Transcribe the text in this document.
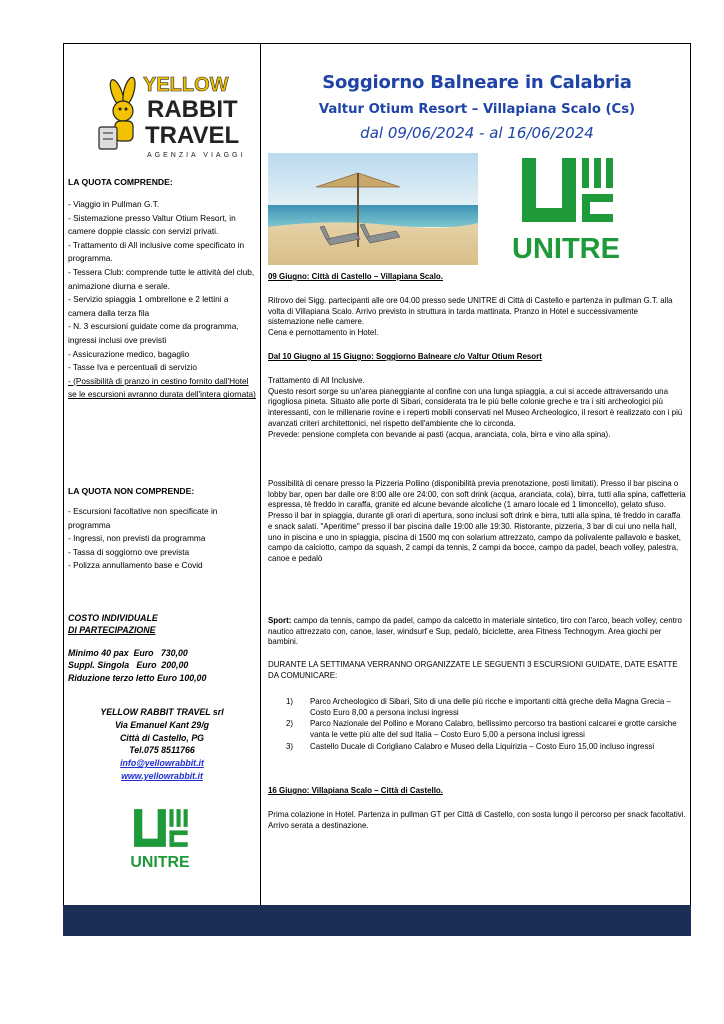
YELLOW
RABBIT
TRAVEL
AGENZIA VIAGGI
LA QUOTA COMPRENDE:
- Viaggio in Pullman G.T.
- Sistemazione presso Valtur Otium Resort, in camere doppie classic con servizi privati.
- Trattamento di All inclusive come specificato in programma.
- Tessera Club: comprende tutte le attività del club, animazione diurna e serale.
- Servizio spiaggia 1 ombrellone e 2 lettini a camera dalla terza fila
- N. 3 escursioni guidate come da programma, ingressi inclusi ove previsti
- Assicurazione medico, bagaglio
- Tasse Iva e percentuali di servizio
- (Possibilità di pranzo in cestino fornito dall'Hotel se le escursioni avranno durata dell'intera giornata)
LA QUOTA NON COMPRENDE:
- Escursioni facoltative non specificate in programma
- Ingressi, non previsti da programma
- Tassa di soggiorno ove prevista
- Polizza annullamento base e Covid
COSTO INDIVIDUALE
DI PARTECIPAZIONE
Minimo 40 pax  Euro   730,00
Suppl. Singola   Euro  200,00
Riduzione terzo letto Euro 100,00
YELLOW RABBIT TRAVEL srl
Via Emanuel Kant 29/g
Città di Castello, PG
Tel.075 8511766
info@yellowrabbit.it
www.yellowrabbit.it
UNITRE
Soggiorno Balneare in Calabria
Valtur Otium Resort – Villapiana Scalo (Cs)
dal 09/06/2024 - al 16/06/2024
UNITRE
09 Giugno: Città di Castello – Villapiana Scalo.
Ritrovo dei Sigg. partecipanti alle ore 04.00 presso sede UNITRE di Città di Castello e partenza in pullman G.T. alla volta di Villapiana Scalo. Arrivo previsto in struttura in tarda mattinata. Pranzo in Hotel e successivamente sistemazione nelle camere.
Cena e pernottamento in Hotel.
Dal 10 Giugno al 15 Giugno: Soggiorno Balneare c/o Valtur Otium Resort
Trattamento di All Inclusive.
Questo resort sorge su un'area pianeggiante al confine con una lunga spiaggia, a cui si accede attraversando una rigogliosa pineta. Situato alle porte di Sibari, considerata tra le più belle colonie greche e tra i siti archeologici più interessanti, con le millenarie rovine e i reperti mobili conservati nel Museo Archeologico, il resort è realizzato con i più avanzati criteri architettonici, nel rispetto dell'ambiente che lo circonda.
Prevede: pensione completa con bevande ai pasti (acqua, aranciata, cola, birra e vino alla spina).
Possibilità di cenare presso la Pizzeria Pollino (disponibilità previa prenotazione, posti limitati). Presso il bar piscina o lobby bar, open bar dalle ore 8:00 alle ore 24:00, con soft drink (acqua, aranciata, cola), birra, tutti alla spina, caffetteria espressa, tè freddo in caraffa, granite ed alcune bevande alcoliche (1 amaro locale ed 1 limoncello), gelato sfuso. Presso il bar in spiaggia, durante gli orari di apertura, sono inclusi soft drink e birra, tutti alla spina, tè freddo in caraffa e snack salati. "Aperitime" presso il bar piscina dalle 19:00 alle 19:30. Ristorante, pizzeria, 3 bar di cui uno nella hall, uno in piscina e uno in spiaggia, piscina di 1500 mq con solarium attrezzato, campo da polivalente pallavolo e basket, campo da calciotto, campo da squash, 2 campi da tennis, 2 campi da bocce, campo da padel, beach volley, palestra, canoe e pedalò
Sport: campo da tennis, campo da padel, campo da calcetto in materiale sintetico, tiro con l'arco, beach volley, centro nautico attrezzato con, canoe, laser, windsurf e Sup, pedalò, biciclette, area Fitness Technogym. Area giochi per bambini.
DURANTE LA SETTIMANA VERRANNO ORGANIZZATE LE SEGUENTI 3 ESCURSIONI GUIDATE, DATE ESATTE DA COMUNICARE:
1)	Parco Archeologico di Sibari, Sito di una delle più ricche e importanti città greche della Magna Grecia – Costo Euro 8,00 a persona inclusi ingressi
2)	Parco Nazionale del Pollino e Morano Calabro, bellissimo percorso tra bastioni calcarei e grotte carsiche vanta le vette più alte del sud Italia – Costo Euro 5,00 a persona inclusi igressi
3)	Castello Ducale di Corigliano Calabro e Museo della Liquirizia – Costo Euro 15,00 incluso ingressi
16 Giugno: Villapiana Scalo – Città di Castello.
Prima colazione in Hotel. Partenza in pullman GT per Città di Castello, con sosta lungo il percorso per snack facoltativi. Arrivo serata a destinazione.
